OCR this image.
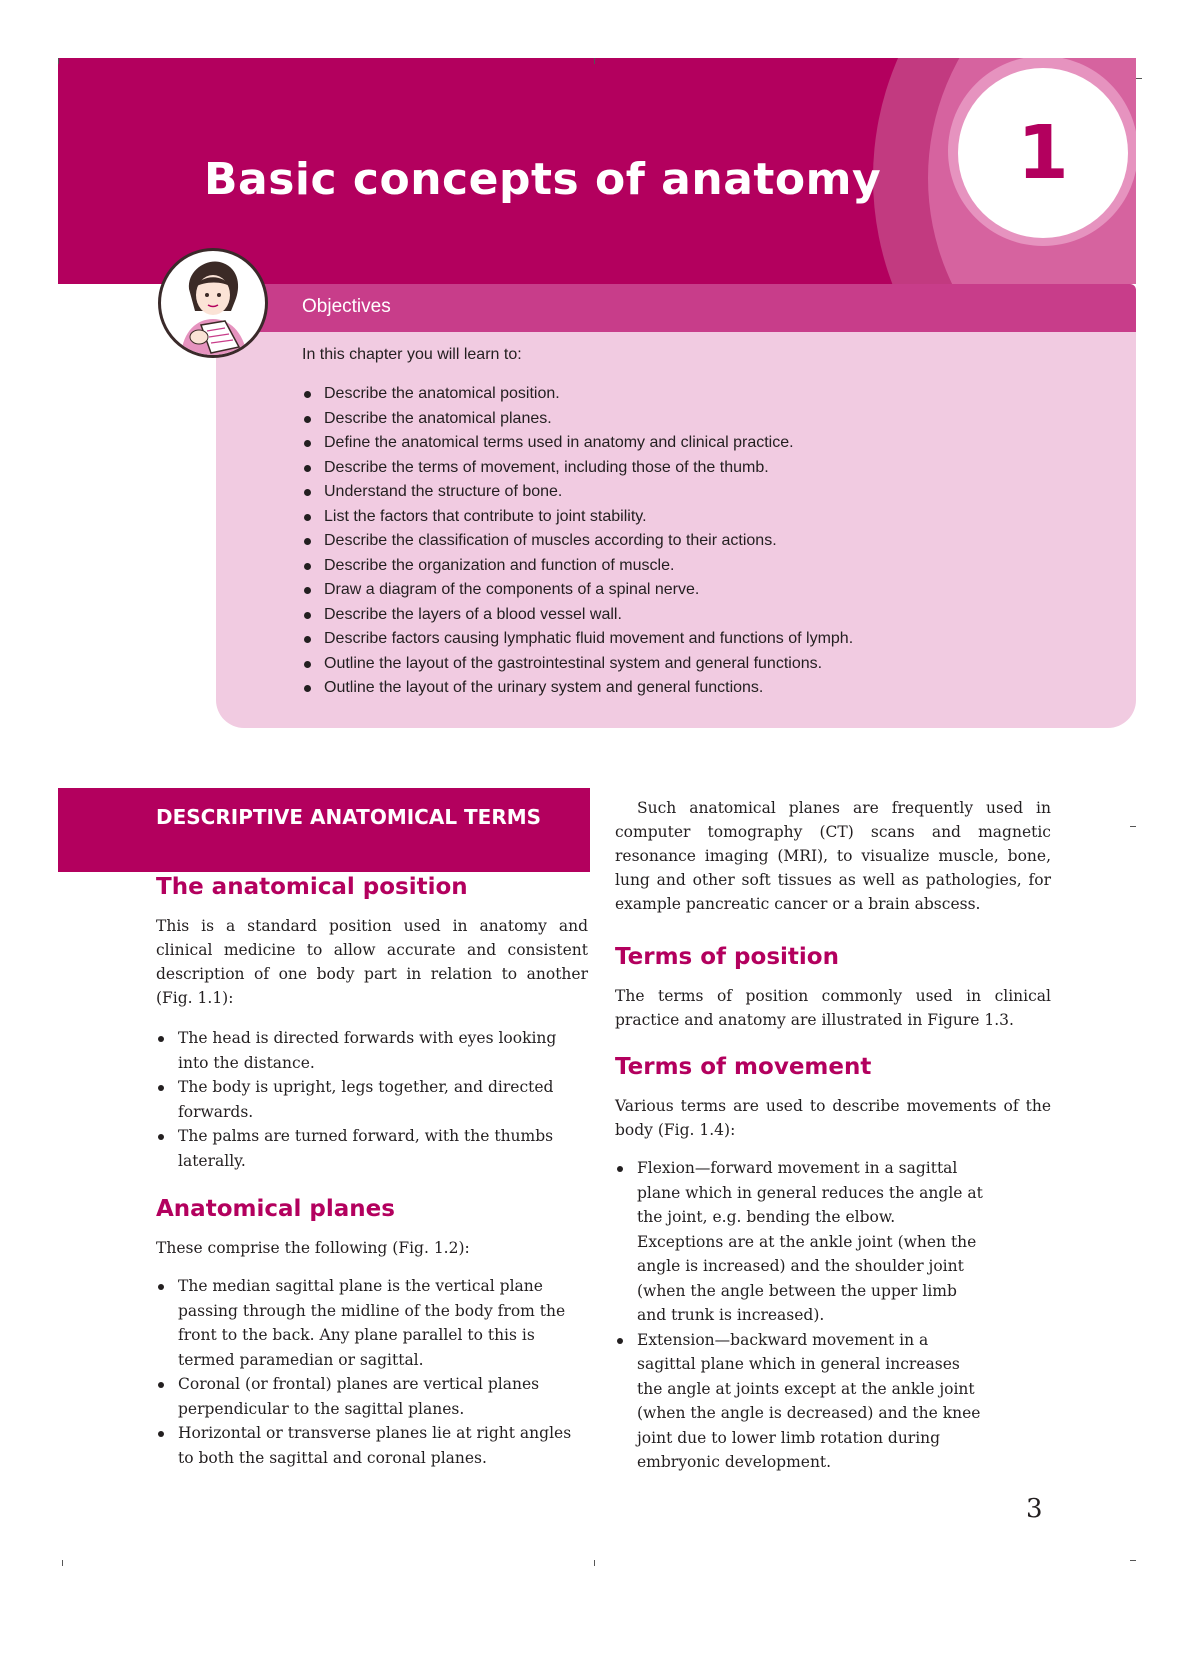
1
Basic concepts of anatomy
Objectives
In this chapter you will learn to:
Describe the anatomical position.
Describe the anatomical planes.
Define the anatomical terms used in anatomy and clinical practice.
Describe the terms of movement, including those of the thumb.
Understand the structure of bone.
List the factors that contribute to joint stability.
Describe the classification of muscles according to their actions.
Describe the organization and function of muscle.
Draw a diagram of the components of a spinal nerve.
Describe the layers of a blood vessel wall.
Describe factors causing lymphatic fluid movement and functions of lymph.
Outline the layout of the gastrointestinal system and general functions.
Outline the layout of the urinary system and general functions.
DESCRIPTIVE ANATOMICAL TERMS
The anatomical position
This is a standard position used in anatomy and clinical medicine to allow accurate and consistent description of one body part in relation to another (Fig. 1.1):
The head is directed forwards with eyes looking into the distance.
The body is upright, legs together, and directed forwards.
The palms are turned forward, with the thumbs laterally.
Anatomical planes
These comprise the following (Fig. 1.2):
The median sagittal plane is the vertical plane passing through the midline of the body from the front to the back. Any plane parallel to this is termed paramedian or sagittal.
Coronal (or frontal) planes are vertical planes perpendicular to the sagittal planes.
Horizontal or transverse planes lie at right angles to both the sagittal and coronal planes.
Such anatomical planes are frequently used in computer tomography (CT) scans and magnetic resonance imaging (MRI), to visualize muscle, bone, lung and other soft tissues as well as pathologies, for example pancreatic cancer or a brain abscess.
Terms of position
The terms of position commonly used in clinical practice and anatomy are illustrated in Figure 1.3.
Terms of movement
Various terms are used to describe movements of the body (Fig. 1.4):
Flexion—forward movement in a sagittal plane which in general reduces the angle at the joint, e.g. bending the elbow. Exceptions are at the ankle joint (when the angle is increased) and the shoulder joint (when the angle between the upper limb and trunk is increased).
Extension—backward movement in a sagittal plane which in general increases the angle at joints except at the ankle joint (when the angle is decreased) and the knee joint due to lower limb rotation during embryonic development.
3
